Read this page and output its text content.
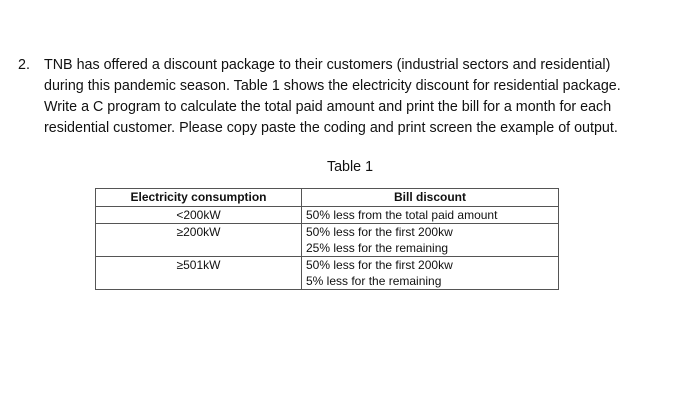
2. TNB has offered a discount package to their customers (industrial sectors and residential)
during this pandemic season. Table 1 shows the electricity discount for residential package.
Write a C program to calculate the total paid amount and print the bill for a month for each
residential customer. Please copy paste the coding and print screen the example of output.
Table 1
Electricity consumption	Bill discount
<200kW	50% less from the total paid amount

≥200kW	50% less for the first 200kw
25% less for the remaining

≥501kW	50% less for the first 200kw
5% less for the remaining
